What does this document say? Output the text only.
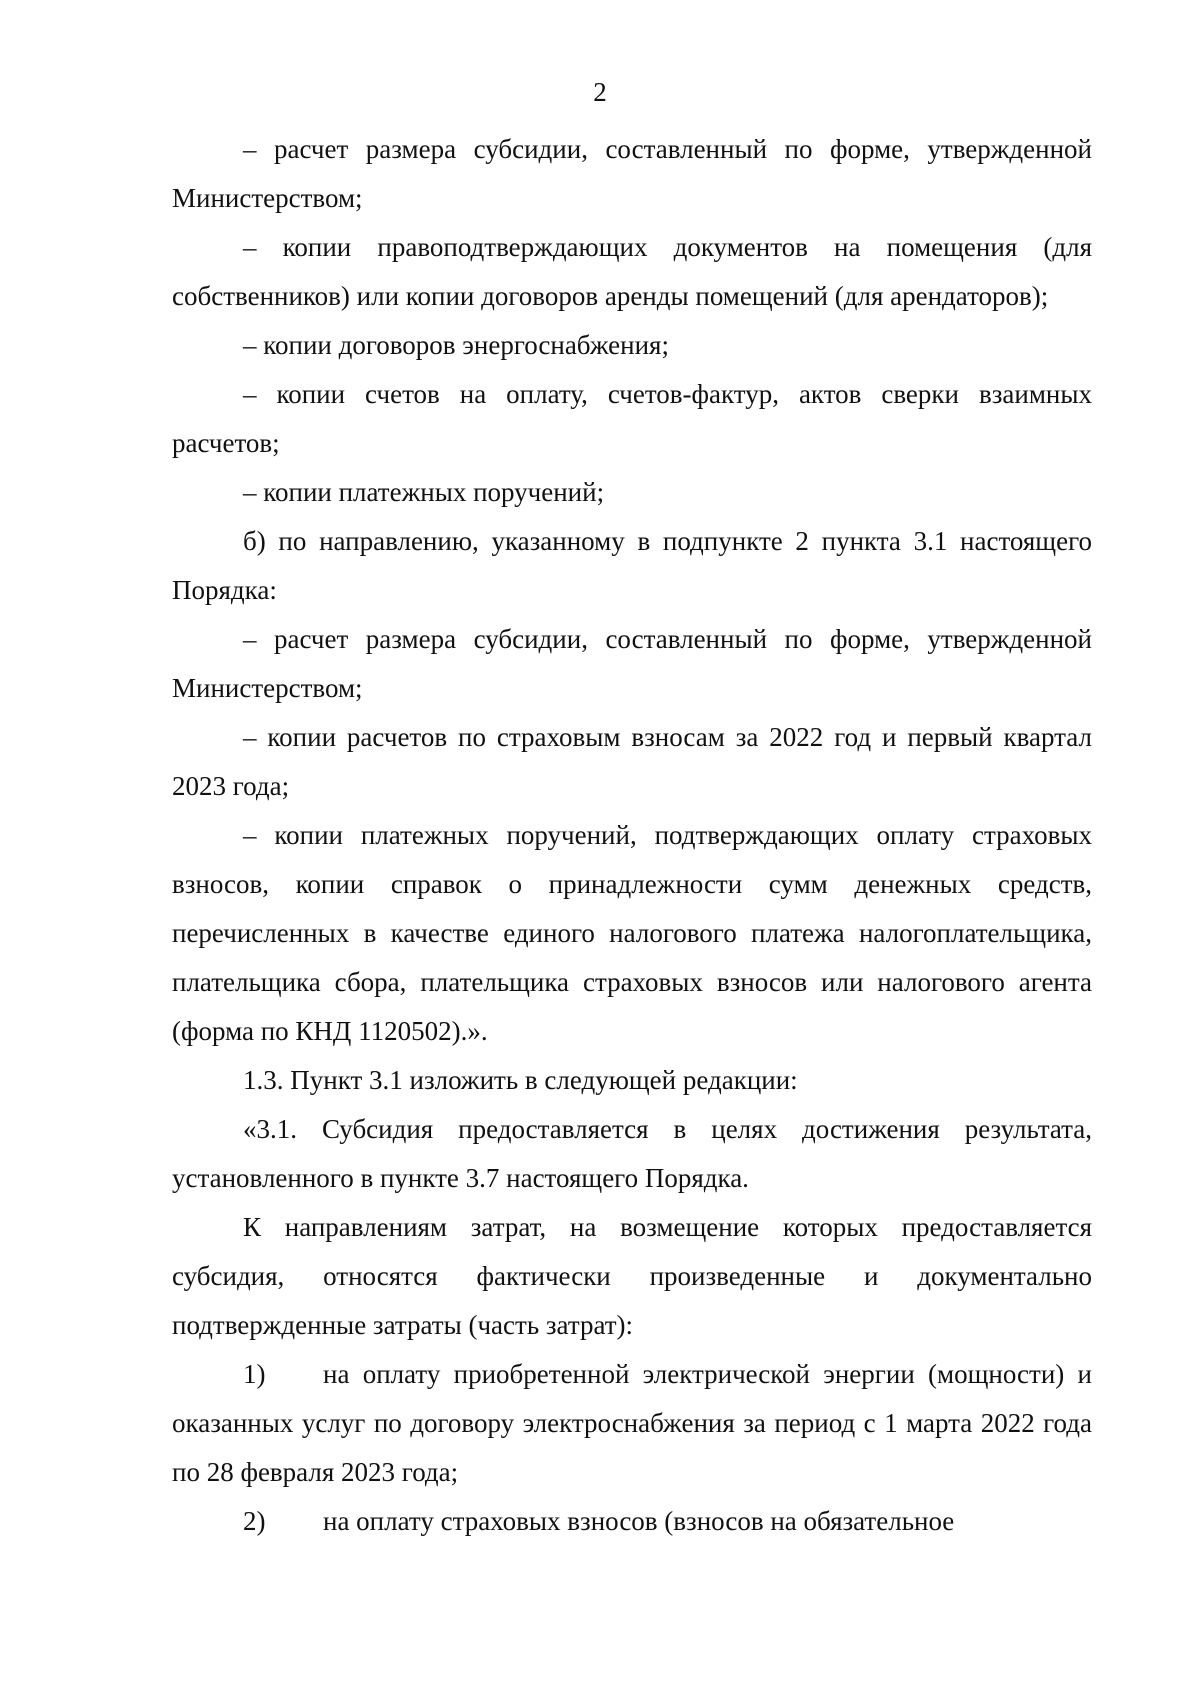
2

– расчет размера субсидии, составленный по форме, утвержденной Министерством;

– копии правоподтверждающих документов на помещения (для собственников) или копии договоров аренды помещений (для арендаторов);

– копии договоров энергоснабжения;

– копии счетов на оплату, счетов-фактур, актов сверки взаимных расчетов;

– копии платежных поручений;

б) по направлению, указанному в подпункте 2 пункта 3.1 настоящего Порядка:

– расчет размера субсидии, составленный по форме, утвержденной Министерством;

– копии расчетов по страховым взносам за 2022 год и первый квартал 2023 года;

– копии платежных поручений, подтверждающих оплату страховых взносов, копии справок о принадлежности сумм денежных средств, перечисленных в качестве единого налогового платежа налогоплательщика, плательщика сбора, плательщика страховых взносов или налогового агента (форма по КНД 1120502).».

1.3. Пункт 3.1 изложить в следующей редакции:

«3.1. Субсидия предоставляется в целях достижения результата, установленного в пункте 3.7 настоящего Порядка.

К направлениям затрат, на возмещение которых предоставляется субсидия, относятся фактически произведенные и документально подтвержденные затраты (часть затрат):

1) на оплату приобретенной электрической энергии (мощности) и оказанных услуг по договору электроснабжения за период с 1 марта 2022 года по 28 февраля 2023 года;

2) на оплату страховых взносов (взносов на обязательное
